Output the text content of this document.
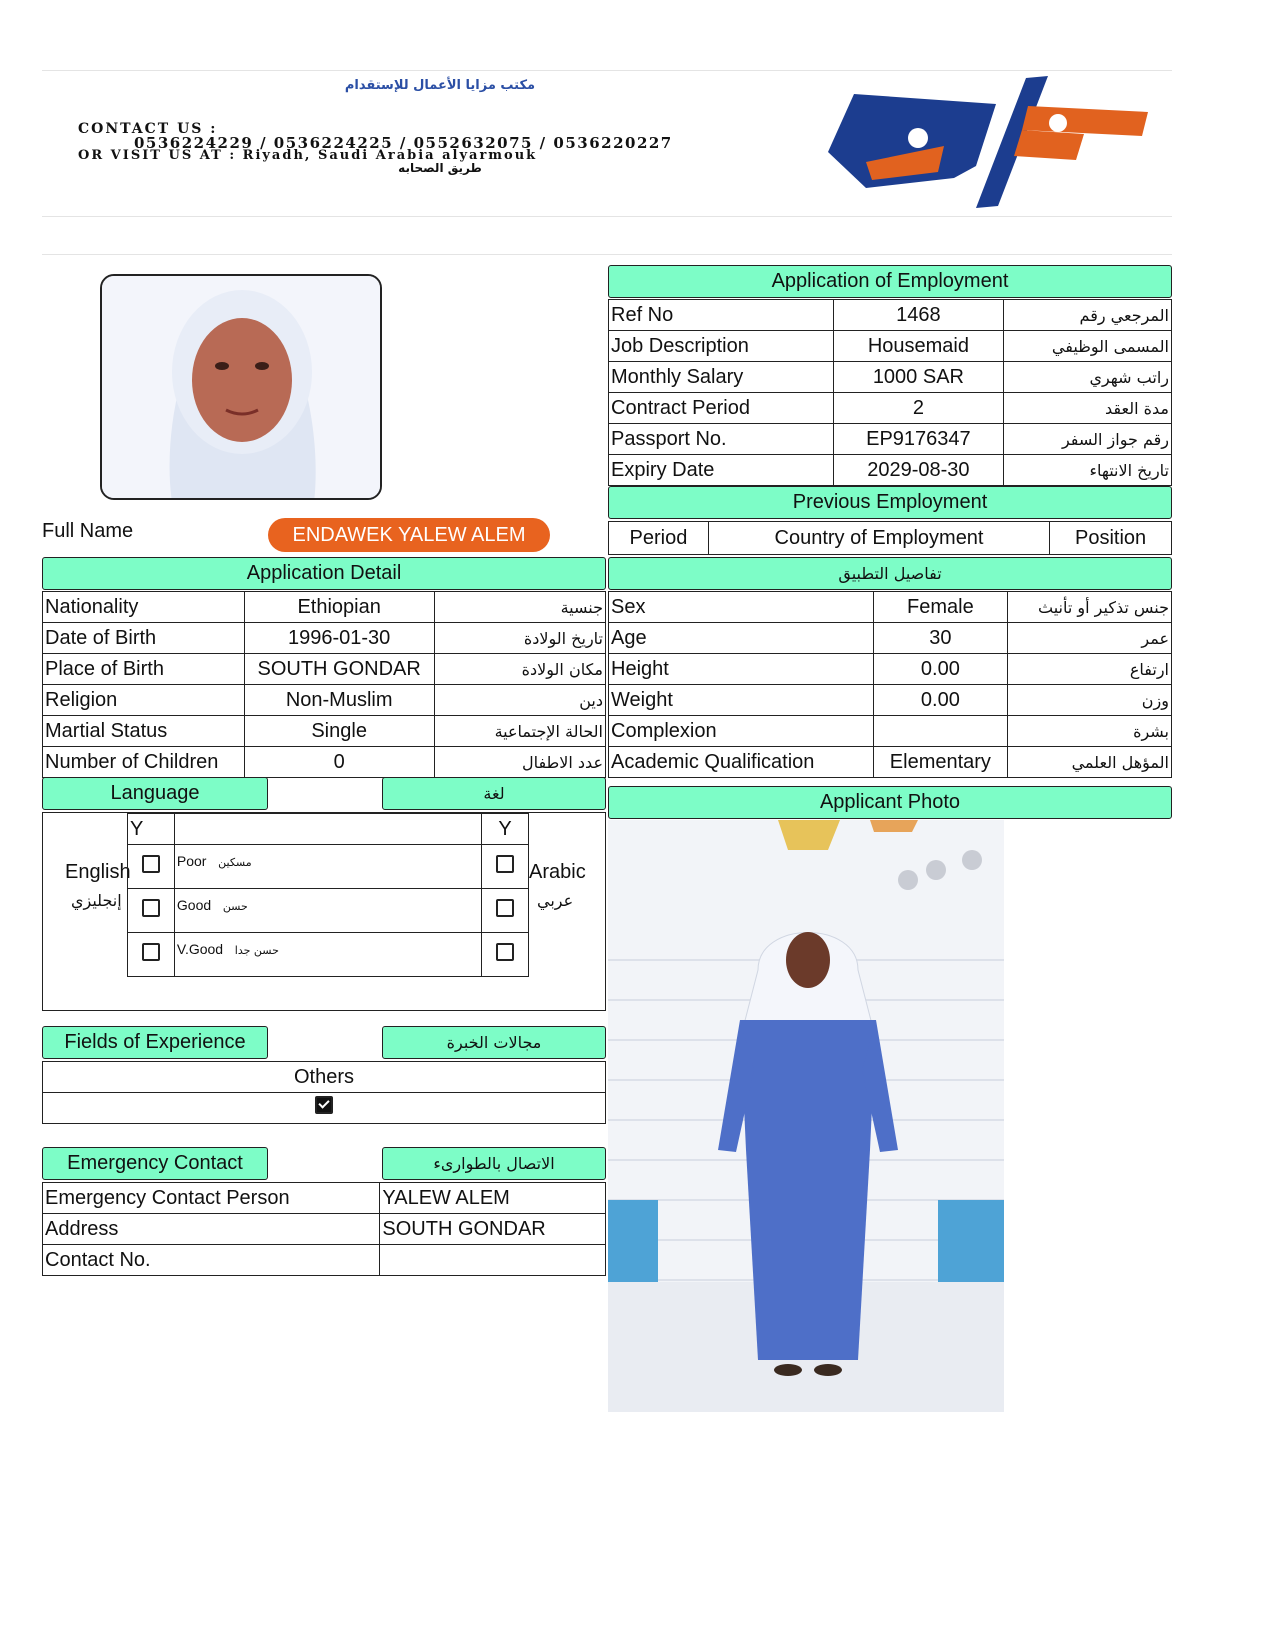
مكتب مزايا الأعمال للإستقدام
CONTACT US :
0536224229 / 0536224225 / 0552632075 / 0536220227
OR VISIT US AT : Riyadh, Saudi Arabia alyarmouk
طريق الصحابه
Full Name	ENDAWEK YALEW ALEM
Application of Employment
Ref No	1468	المرجعي رقم
Job Description	Housemaid	المسمى الوظيفي
Monthly Salary	1000 SAR	راتب شهري
Contract Period	2	مدة العقد
Passport No.	EP9176347	رقم جواز السفر
Expiry Date	2029-08-30	تاريخ الانتهاء
Previous Employment
Period	Country of Employment	Position
Application Detail
Nationality	Ethiopian	جنسية
Date of Birth	1996-01-30	تاريخ الولادة
Place of Birth	SOUTH GONDAR	مكان الولادة
Religion	Non-Muslim	دين
Martial Status	Single	الحالة الإجتماعية
Number of Children	0	عدد الاطفال
تفاصيل التطبيق
Sex	Female	جنس تذكير أو تأنيث
Age	30	عمر
Height	0.00	ارتفاع
Weight	0.00	وزن
Complexion		بشرة
Academic Qualification	Elementary	المؤهل العلمي
Language	لغة
English
إنجليزي
Arabic
عربي
Y		Y
	Poor مسكين	
	Good حسن	
	V.Good حسن جدا	
Fields of Experience	مجالات الخبرة
Others

Emergency Contact	الاتصال بالطوارىء
Emergency Contact Person	YALEW ALEM
Address	SOUTH GONDAR
Contact No.	
Applicant Photo
